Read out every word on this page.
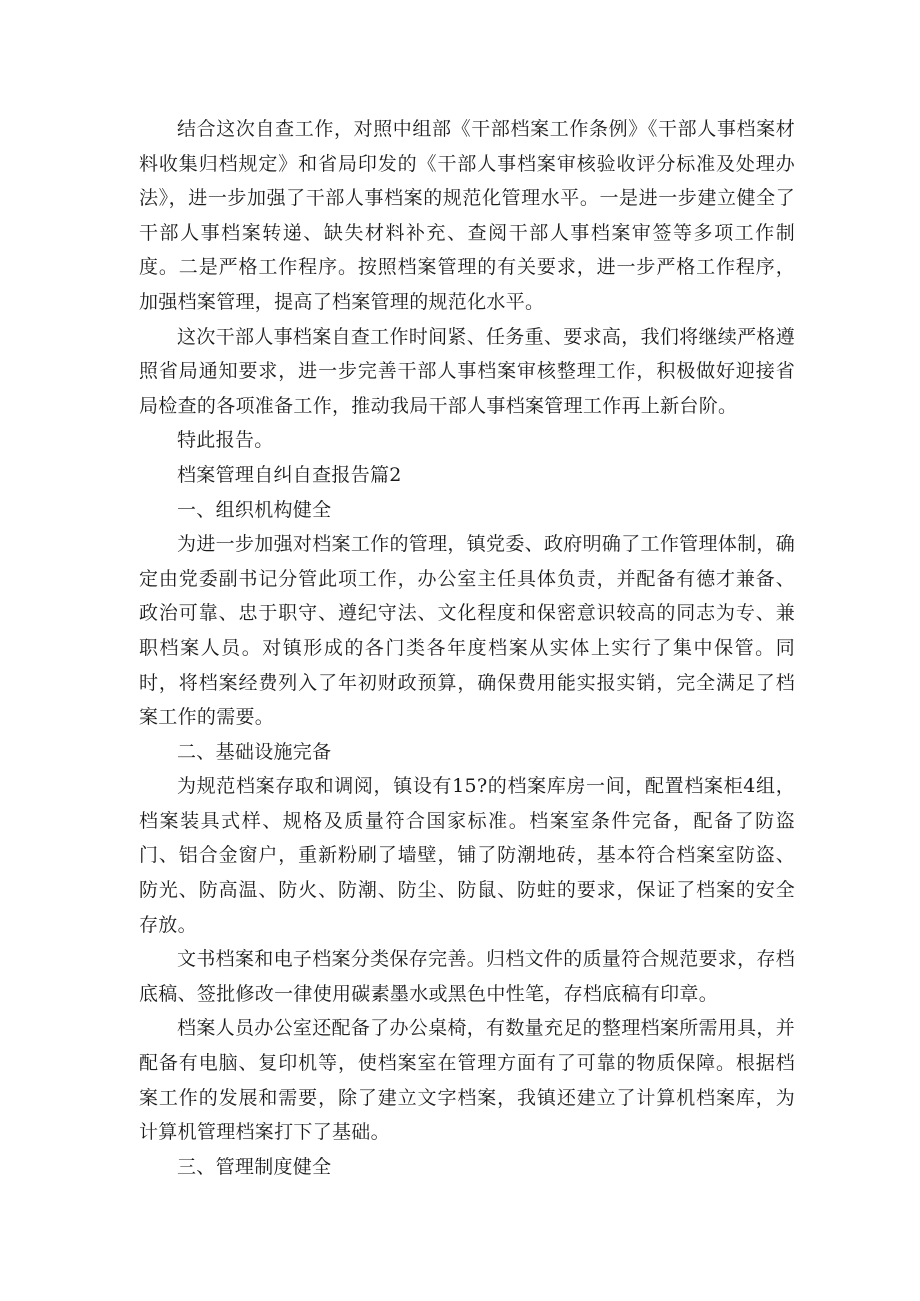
结合这次自查工作，对照中组部《干部档案工作条例》《干部人事档案材料收集归档规定》和省局印发的《干部人事档案审核验收评分标准及处理办法》，进一步加强了干部人事档案的规范化管理水平。一是进一步建立健全了干部人事档案转递、缺失材料补充、查阅干部人事档案审签等多项工作制度。二是严格工作程序。按照档案管理的有关要求，进一步严格工作程序，加强档案管理，提高了档案管理的规范化水平。

这次干部人事档案自查工作时间紧、任务重、要求高，我们将继续严格遵照省局通知要求，进一步完善干部人事档案审核整理工作，积极做好迎接省局检查的各项准备工作，推动我局干部人事档案管理工作再上新台阶。

特此报告。

档案管理自纠自查报告篇2

一、组织机构健全

为进一步加强对档案工作的管理，镇党委、政府明确了工作管理体制，确定由党委副书记分管此项工作，办公室主任具体负责，并配备有德才兼备、政治可靠、忠于职守、遵纪守法、文化程度和保密意识较高的同志为专、兼职档案人员。对镇形成的各门类各年度档案从实体上实行了集中保管。同时，将档案经费列入了年初财政预算，确保费用能实报实销，完全满足了档案工作的需要。

二、基础设施完备

为规范档案存取和调阅，镇设有15?的档案库房一间，配置档案柜4组，档案装具式样、规格及质量符合国家标准。档案室条件完备，配备了防盗门、铝合金窗户，重新粉刷了墙壁，铺了防潮地砖，基本符合档案室防盗、防光、防高温、防火、防潮、防尘、防鼠、防蛀的要求，保证了档案的安全存放。

文书档案和电子档案分类保存完善。归档文件的质量符合规范要求，存档底稿、签批修改一律使用碳素墨水或黑色中性笔，存档底稿有印章。

档案人员办公室还配备了办公桌椅，有数量充足的整理档案所需用具，并配备有电脑、复印机等，使档案室在管理方面有了可靠的物质保障。根据档案工作的发展和需要，除了建立文字档案，我镇还建立了计算机档案库，为计算机管理档案打下了基础。

三、管理制度健全
